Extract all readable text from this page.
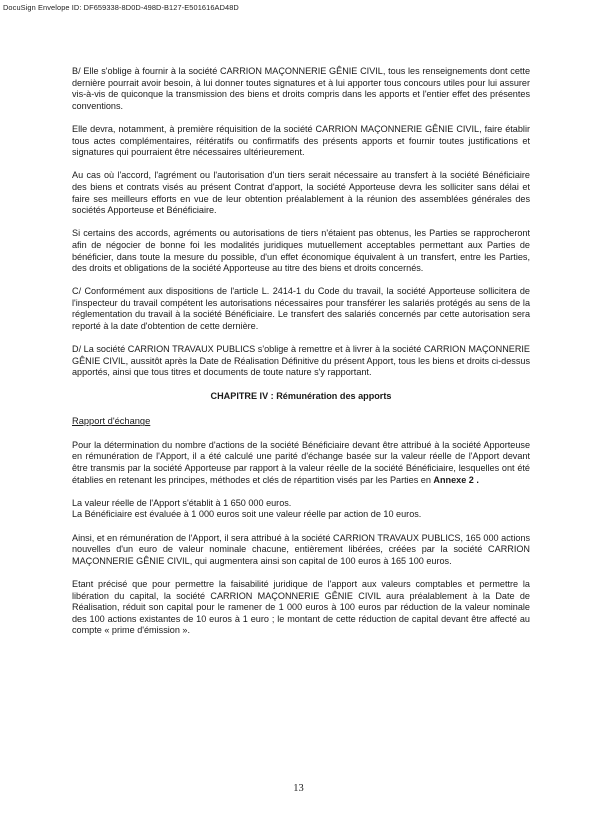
DocuSign Envelope ID: DF659338-8D0D-498D-B127-E501616AD48D

B/ Elle s'oblige à fournir à la société CARRION MAÇONNERIE GÊNIE CIVIL, tous les renseignements dont cette dernière pourrait avoir besoin, à lui donner toutes signatures et à lui apporter tous concours utiles pour lui assurer vis-à-vis de quiconque la transmission des biens et droits compris dans les apports et l'entier effet des présentes conventions.

Elle devra, notamment, à première réquisition de la société CARRION MAÇONNERIE GÊNIE CIVIL, faire établir tous actes complémentaires, réitératifs ou confirmatifs des présents apports et fournir toutes justifications et signatures qui pourraient être nécessaires ultérieurement.

Au cas où l'accord, l'agrément ou l'autorisation d'un tiers serait nécessaire au transfert à la société Bénéficiaire des biens et contrats visés au présent Contrat d'apport, la société Apporteuse devra les solliciter sans délai et faire ses meilleurs efforts en vue de leur obtention préalablement à la réunion des assemblées générales des sociétés Apporteuse et Bénéficiaire.

Si certains des accords, agréments ou autorisations de tiers n'étaient pas obtenus, les Parties se rapprocheront afin de négocier de bonne foi les modalités juridiques mutuellement acceptables permettant aux Parties de bénéficier, dans toute la mesure du possible, d'un effet économique équivalent à un transfert, entre les Parties, des droits et obligations de la société Apporteuse au titre des biens et droits concernés.

C/ Conformément aux dispositions de l'article L. 2414-1 du Code du travail, la société Apporteuse sollicitera de l'inspecteur du travail compétent les autorisations nécessaires pour transférer les salariés protégés au sens de la réglementation du travail à la société Bénéficiaire. Le transfert des salariés concernés par cette autorisation sera reporté à la date d'obtention de cette dernière.

D/ La société CARRION TRAVAUX PUBLICS s'oblige à remettre et à livrer à la société CARRION MAÇONNERIE GÊNIE CIVIL, aussitôt après la Date de Réalisation Définitive du présent Apport, tous les biens et droits ci-dessus apportés, ainsi que tous titres et documents de toute nature s'y rapportant.

CHAPITRE IV : Rémunération des apports
Rapport d'échange

Pour la détermination du nombre d'actions de la société Bénéficiaire devant être attribué à la société Apporteuse en rémunération de l'Apport, il a été calculé une parité d'échange basée sur la valeur réelle de l'Apport devant être transmis par la société Apporteuse par rapport à la valeur réelle de la société Bénéficiaire, lesquelles ont été établies en retenant les principes, méthodes et clés de répartition visés par les Parties en Annexe 2 .

La valeur réelle de l'Apport s'établit à 1 650 000 euros.

La Bénéficiaire est évaluée à 1 000 euros soit une valeur réelle par action de 10 euros.

Ainsi, et en rémunération de l'Apport, il sera attribué à la société CARRION TRAVAUX PUBLICS, 165 000 actions nouvelles d'un euro de valeur nominale chacune, entièrement libérées, créées par la société CARRION MAÇONNERIE GÊNIE CIVIL, qui augmentera ainsi son capital de 100 euros à 165 100 euros.

Etant précisé que pour permettre la faisabilité juridique de l'apport aux valeurs comptables et permettre la libération du capital, la société CARRION MAÇONNERIE GÊNIE CIVIL aura préalablement à la Date de Réalisation, réduit son capital pour le ramener de 1 000 euros à 100 euros par réduction de la valeur nominale des 100 actions existantes de 10 euros à 1 euro ; le montant de cette réduction de capital devant être affecté au compte « prime d'émission ».

13
